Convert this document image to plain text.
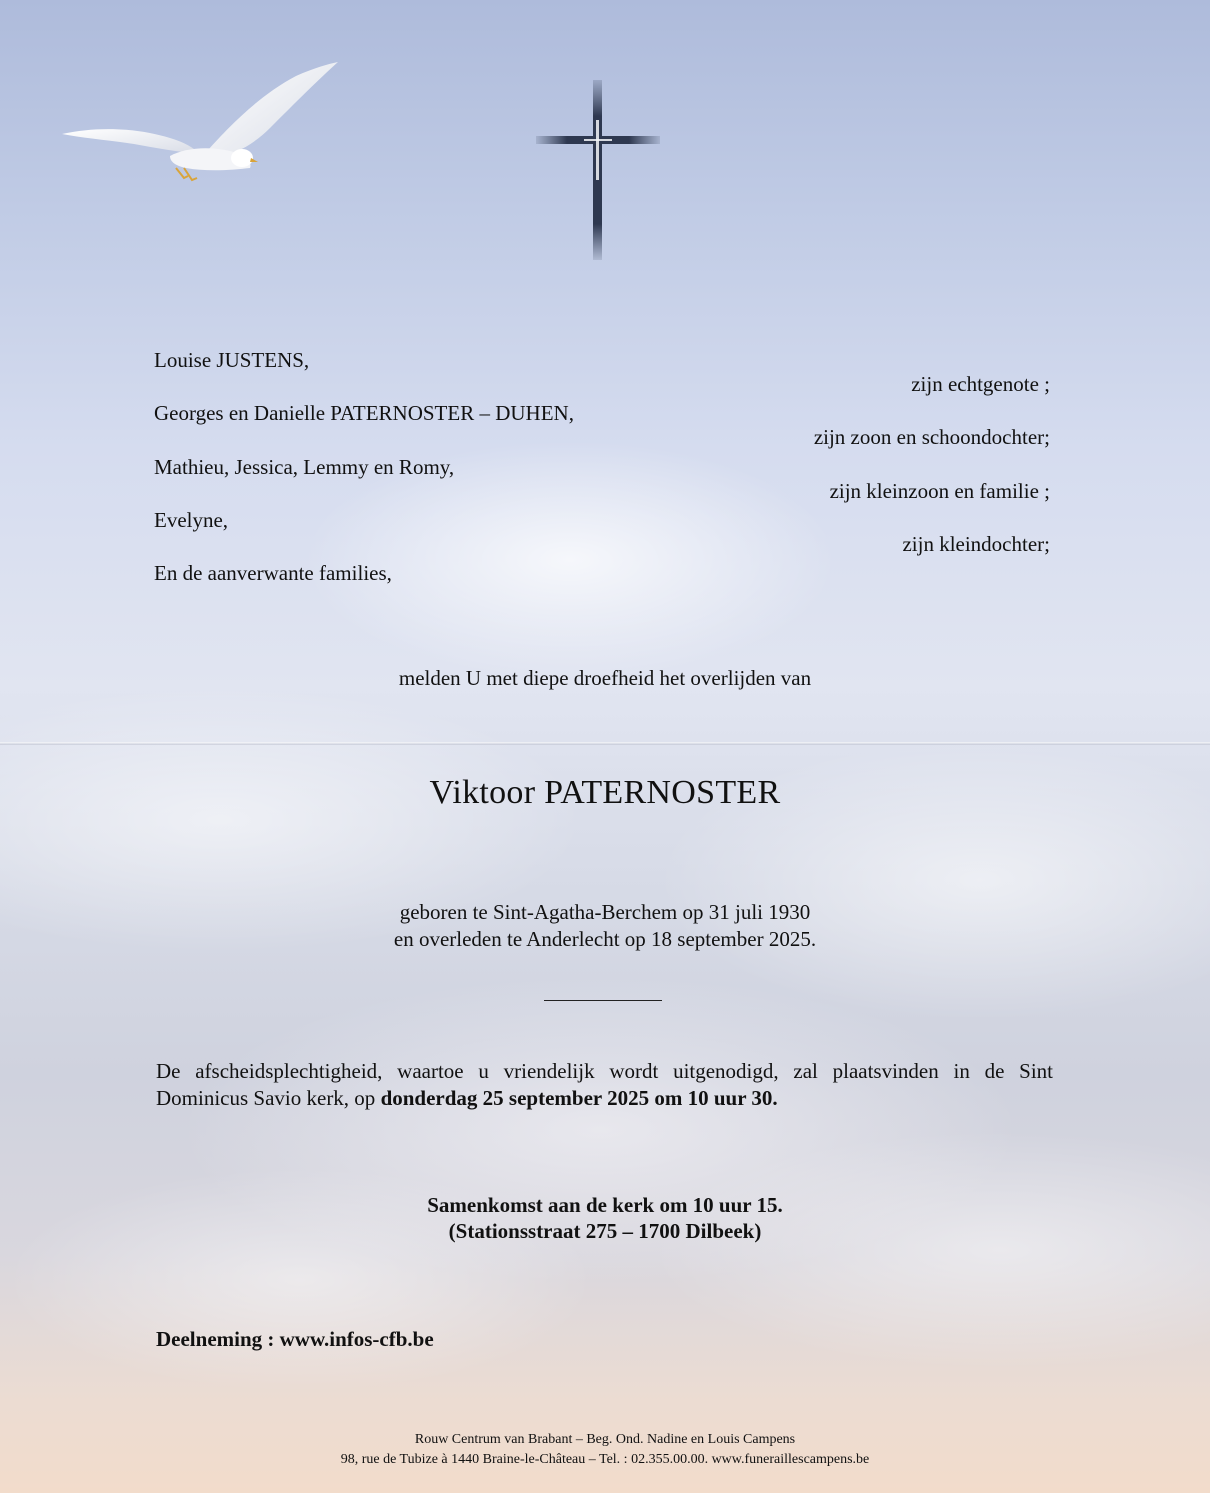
Louise JUSTENS,

Georges en Danielle PATERNOSTER – DUHEN,

Mathieu, Jessica, Lemmy en Romy,

Evelyne,

En de aanverwante families,

zijn echtgenote ;

zijn zoon en schoondochter;

zijn kleinzoon en familie ;

zijn kleindochter;

melden U met diepe droefheid het overlijden van

Viktoor PATERNOSTER

geboren te Sint-Agatha-Berchem op 31 juli 1930

en overleden te Anderlecht op 18 september 2025.

De afscheidsplechtigheid, waartoe u vriendelijk wordt uitgenodigd, zal plaatsvinden in de Sint
Dominicus Savio kerk, op donderdag 25 september 2025 om 10 uur 30.

Samenkomst aan de kerk om 10 uur 15.

(Stationsstraat 275 – 1700 Dilbeek)

Deelneming : www.infos-cfb.be

Rouw Centrum van Brabant – Beg. Ond. Nadine en Louis Campens
98, rue de Tubize à 1440 Braine-le-Château – Tel. : 02.355.00.00. www.funeraillescampens.be
